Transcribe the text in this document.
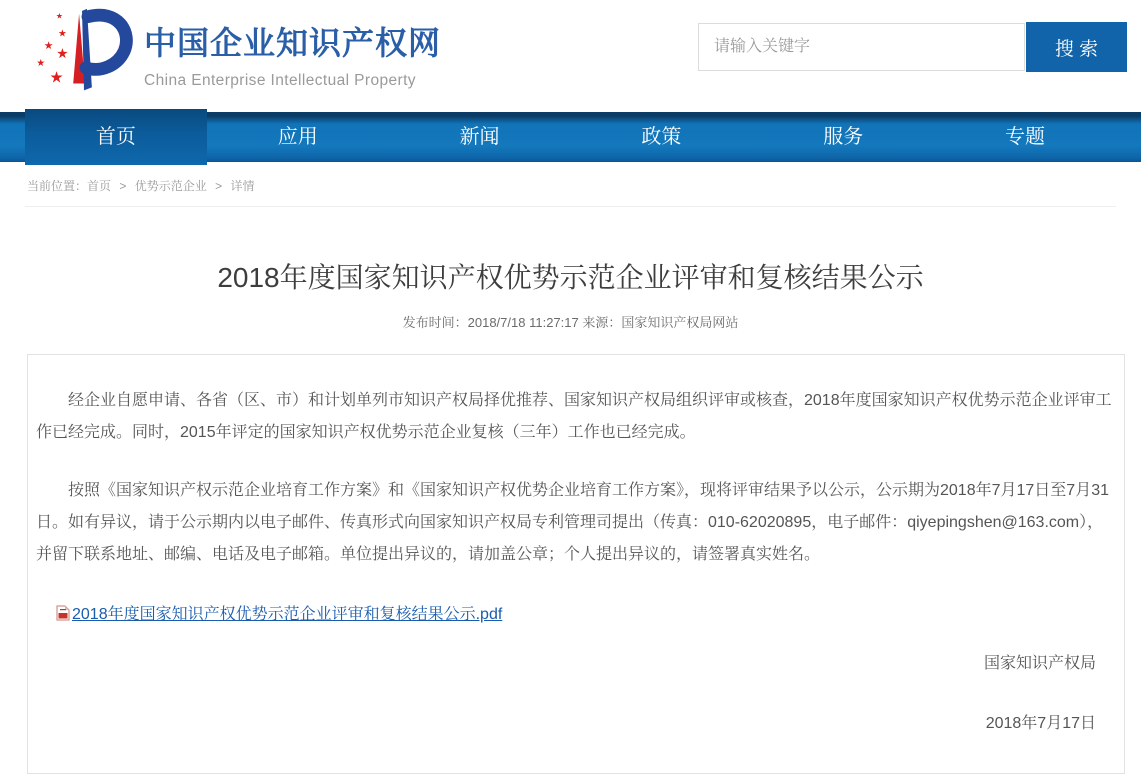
★
★
★ ★
★
★
中国企业知识产权网
China Enterprise Intellectual Property
请输入关键字
搜 索
首页	应用	新闻	政策	服务	专题
当前位置：首页 > 优势示范企业 > 详情
2018年度国家知识产权优势示范企业评审和复核结果公示
发布时间：2018/7/18 11:27:17 来源：国家知识产权局网站

经企业自愿申请、各省（区、市）和计划单列市知识产权局择优推荐、国家知识产权局组织评审或核查，2018年度国家知识产权优势示范企业评审工作已经完成。同时，2015年评定的国家知识产权优势示范企业复核（三年）工作也已经完成。

按照《国家知识产权示范企业培育工作方案》和《国家知识产权优势企业培育工作方案》，现将评审结果予以公示，公示期为2018年7月17日至7月31日。如有异议，请于公示期内以电子邮件、传真形式向国家知识产权局专利管理司提出（传真：010-62020895，电子邮件：qiyepingshen@163.com），并留下联系地址、邮编、电话及电子邮箱。单位提出异议的，请加盖公章；个人提出异议的，请签署真实姓名。

2018年度国家知识产权优势示范企业评审和复核结果公示.pdf
国家知识产权局
2018年7月17日
